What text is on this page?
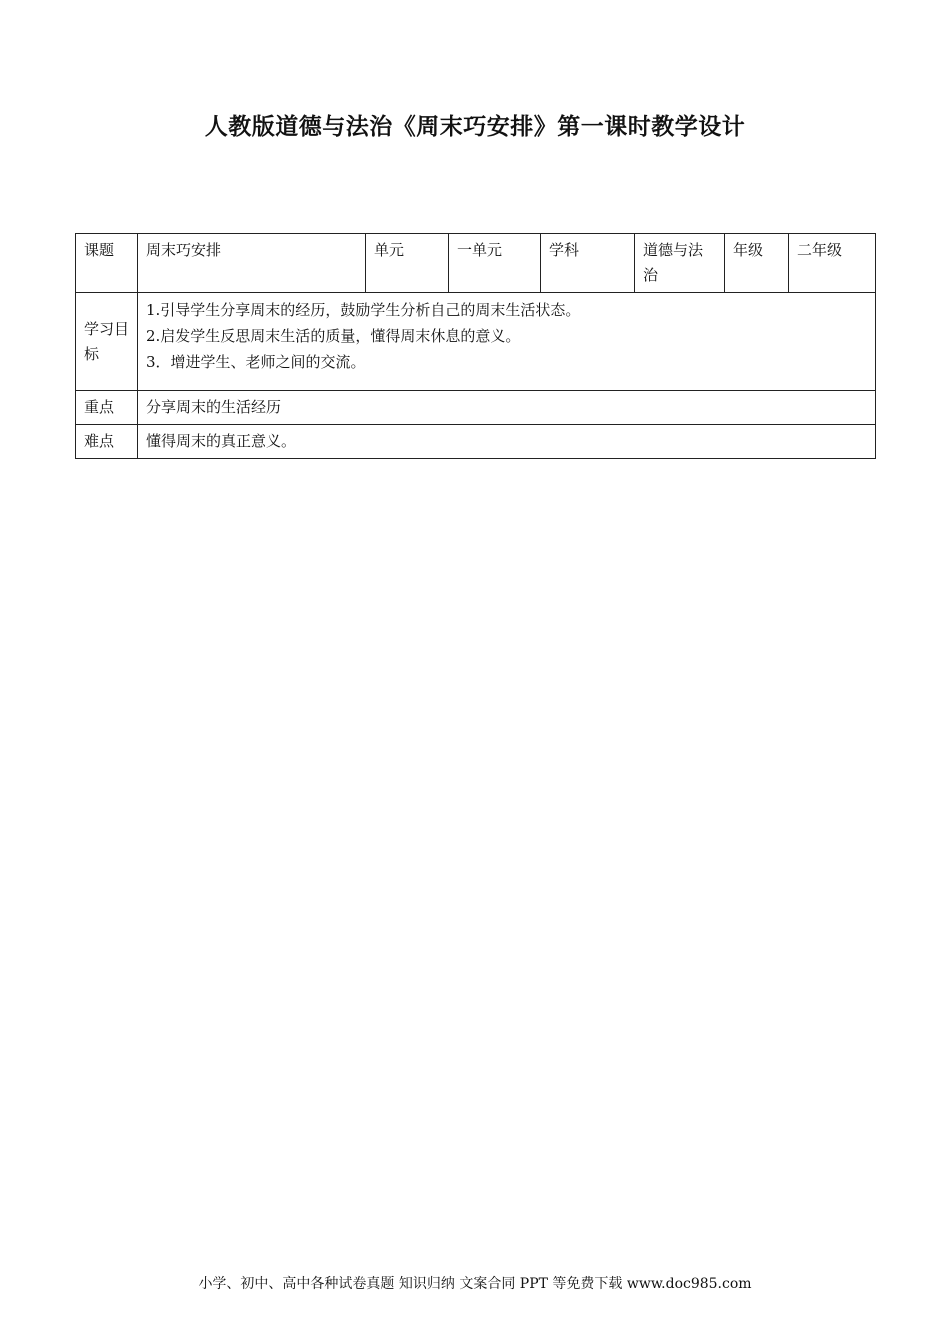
人教版道德与法治《周末巧安排》第一课时教学设计
课题	周末巧安排	单元	一单元	学科	道德与法治	年级	二年级
学习目标	1.引导学生分享周末的经历，鼓励学生分析自己的周末生活状态。
2.启发学生反思周末生活的质量，懂得周末休息的意义。
3．增进学生、老师之间的交流。						

重点	分享周末的生活经历						
难点	懂得周末的真正意义。						
小学、初中、高中各种试卷真题 知识归纳 文案合同 PPT 等免费下载 www.doc985.com
